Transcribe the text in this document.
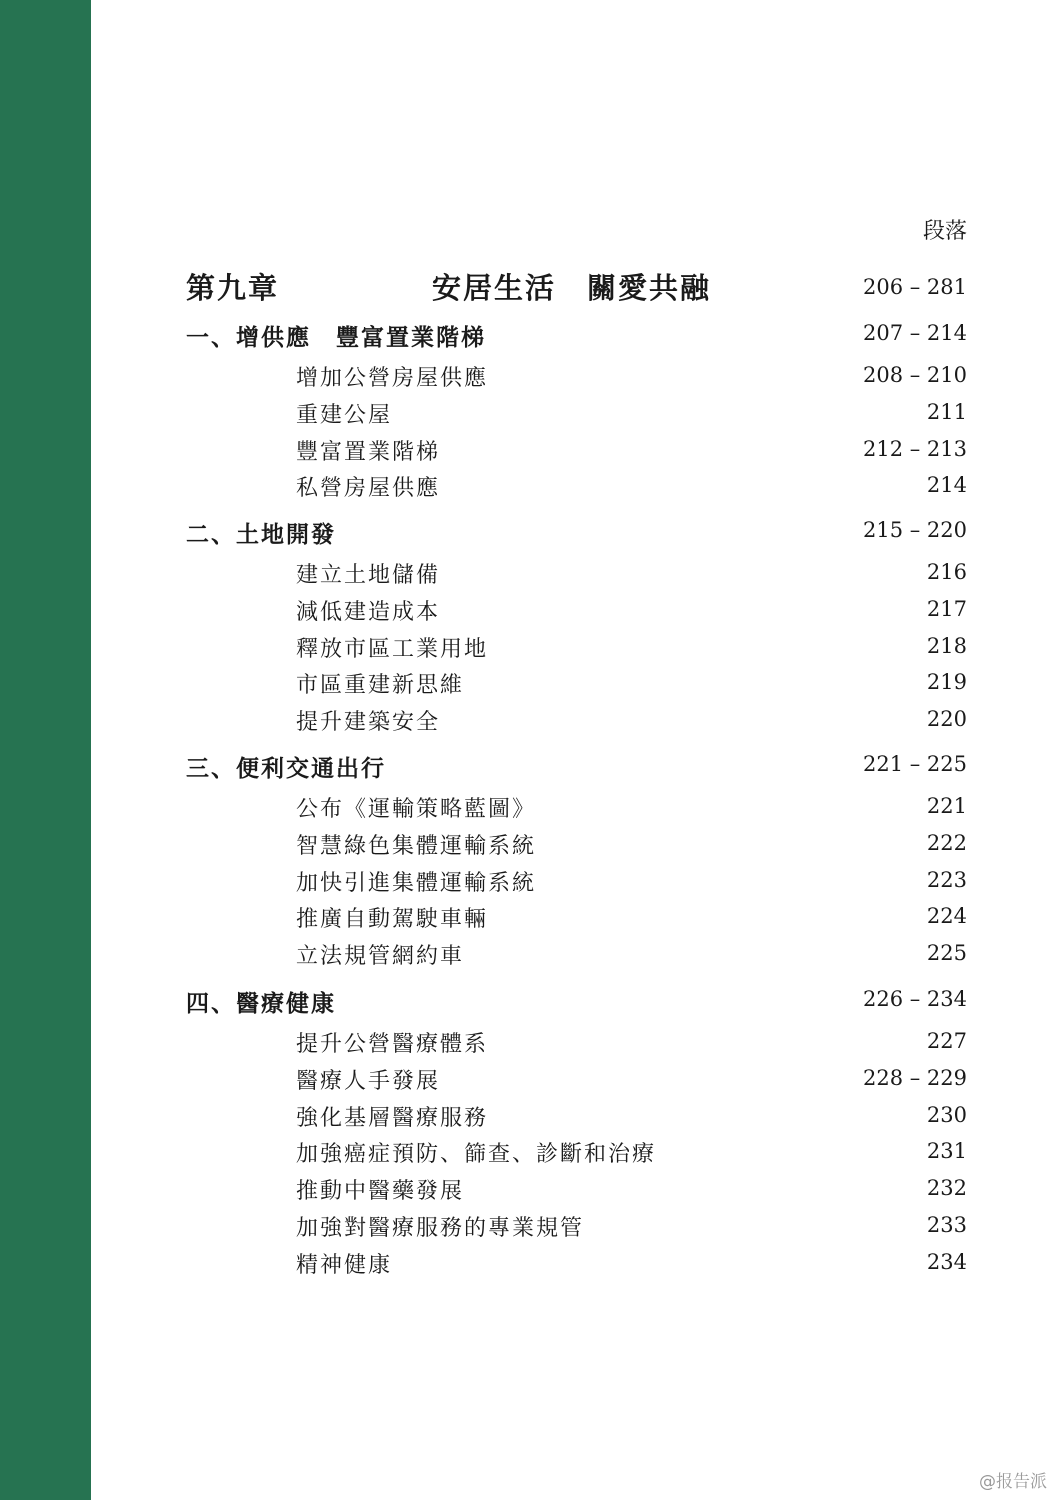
段落
第九章	安居生活　關愛共融	206 – 281
一、增供應　豐富置業階梯	207 – 214
增加公營房屋供應	208 – 210
重建公屋	211
豐富置業階梯	212 – 213
私營房屋供應	214
二、土地開發	215 – 220
建立土地儲備	216
減低建造成本	217
釋放市區工業用地	218
市區重建新思維	219
提升建築安全	220
三、便利交通出行	221 – 225
公布《運輸策略藍圖》	221
智慧綠色集體運輸系統	222
加快引進集體運輸系統	223
推廣自動駕駛車輛	224
立法規管網約車	225
四、醫療健康	226 – 234
提升公營醫療體系	227
醫療人手發展	228 – 229
強化基層醫療服務	230
加強癌症預防、篩查、診斷和治療	231
推動中醫藥發展	232
加強對醫療服務的專業規管	233
精神健康	234
@报告派
